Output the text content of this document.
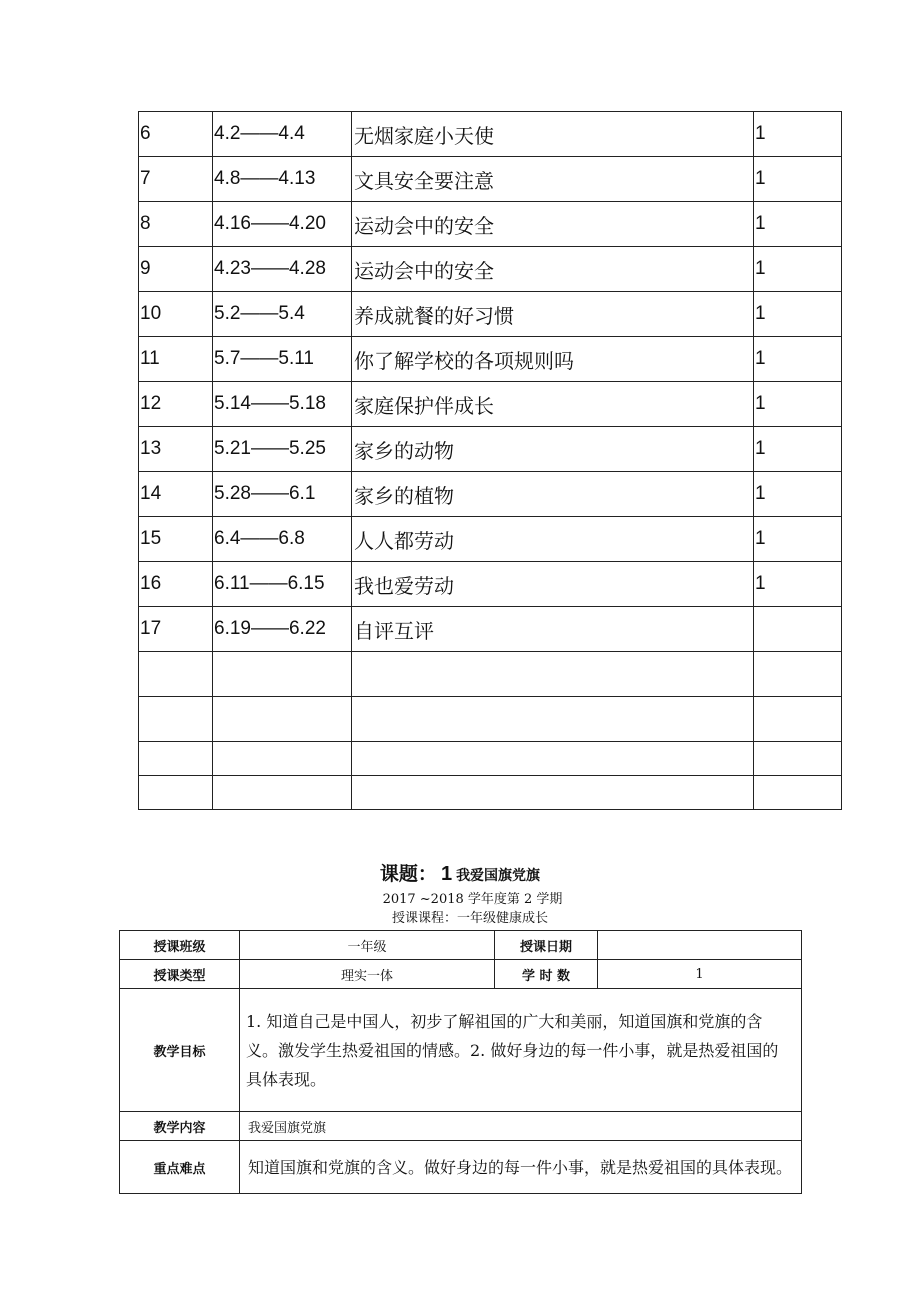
6	4.2——4.4	无烟家庭小天使	1
7	4.8——4.13	文具安全要注意	1
8	4.16——4.20	运动会中的安全	1
9	4.23——4.28	运动会中的安全	1
10	5.2——5.4	养成就餐的好习惯	1
11	5.7——5.11	你了解学校的各项规则吗	1
12	5.14——5.18	家庭保护伴成长	1
13	5.21——5.25	家乡的动物	1
14	5.28——6.1	家乡的植物	1
15	6.4——6.8	人人都劳动	1
16	6.11——6.15	我也爱劳动	1
17	6.19——6.22	自评互评	

课题： 1 我爱国旗党旗
2017 ~2018 学年度第 2 学期
授课课程：一年级健康成长
授课班级	一年级	授课日期	
授课类型	理实一体	学 时 数	1
教学目标	1. 知道自己是中国人，初步了解祖国的广大和美丽，知道国旗和党旗的含义。激发学生热爱祖国的情感。2. 做好身边的每一件小事，就是热爱祖国的具体表现。		
教学内容	我爱国旗党旗		
重点难点	知道国旗和党旗的含义。做好身边的每一件小事，就是热爱祖国的具体表现。		
